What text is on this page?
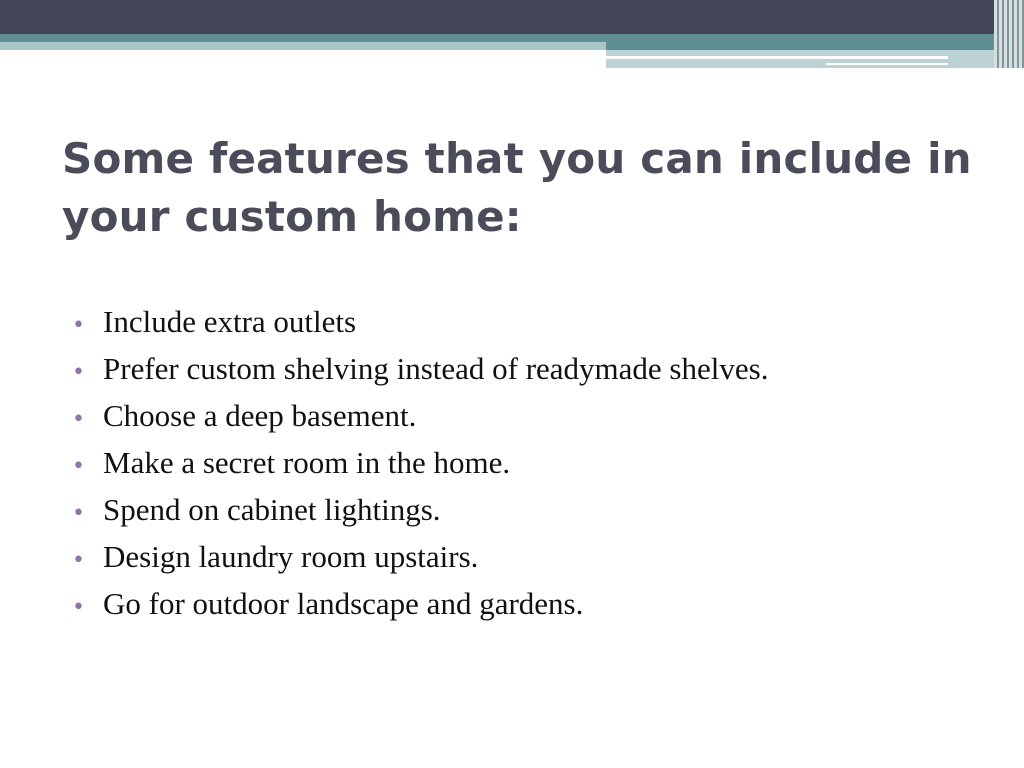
Some features that you can include in your custom home:
• Include extra outlets
• Prefer custom shelving instead of readymade shelves.
• Choose a deep basement.
• Make a secret room in the home.
• Spend on cabinet lightings.
• Design laundry room upstairs.
• Go for outdoor landscape and gardens.
